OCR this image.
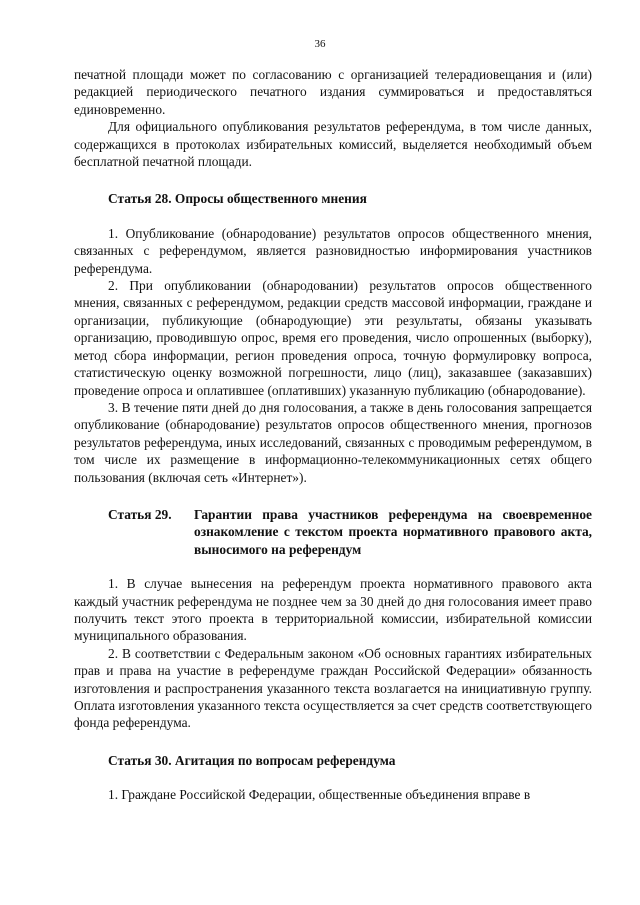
36

печатной площади может по согласованию с организацией телерадиовещания и (или) редакцией периодического печатного издания суммироваться и предоставляться единовременно.

Для официального опубликования результатов референдума, в том числе данных, содержащихся в протоколах избирательных комиссий, выделяется необходимый объем бесплатной печатной площади.

Статья 28. Опросы общественного мнения

1. Опубликование (обнародование) результатов опросов общественного мнения, связанных с референдумом, является разновидностью информирования участников референдума.

2. При опубликовании (обнародовании) результатов опросов общественного мнения, связанных с референдумом, редакции средств массовой информации, граждане и организации, публикующие (обнародующие) эти результаты, обязаны указывать организацию, проводившую опрос, время его проведения, число опрошенных (выборку), метод сбора информации, регион проведения опроса, точную формулировку вопроса, статистическую оценку возможной погрешности, лицо (лиц), заказавшее (заказавших) проведение опроса и оплатившее (оплативших) указанную публикацию (обнародование).

3. В течение пяти дней до дня голосования, а также в день голосования запрещается опубликование (обнародование) результатов опросов общественного мнения, прогнозов результатов референдума, иных исследований, связанных с проводимым референдумом, в том числе их размещение в информационно-телекоммуникационных сетях общего пользования (включая сеть «Интернет»).

Статья 29.	Гарантии права участников референдума на своевременное ознакомление с текстом проекта нормативного правового акта, выносимого на референдум

1. В случае вынесения на референдум проекта нормативного правового акта каждый участник референдума не позднее чем за 30 дней до дня голосования имеет право получить текст этого проекта в территориальной комиссии, избирательной комиссии муниципального образования.

2. В соответствии с Федеральным законом «Об основных гарантиях избирательных прав и права на участие в референдуме граждан Российской Федерации» обязанность изготовления и распространения указанного текста возлагается на инициативную группу. Оплата изготовления указанного текста осуществляется за счет средств соответствующего фонда референдума.

Статья 30. Агитация по вопросам референдума

1. Граждане Российской Федерации, общественные объединения вправе в
